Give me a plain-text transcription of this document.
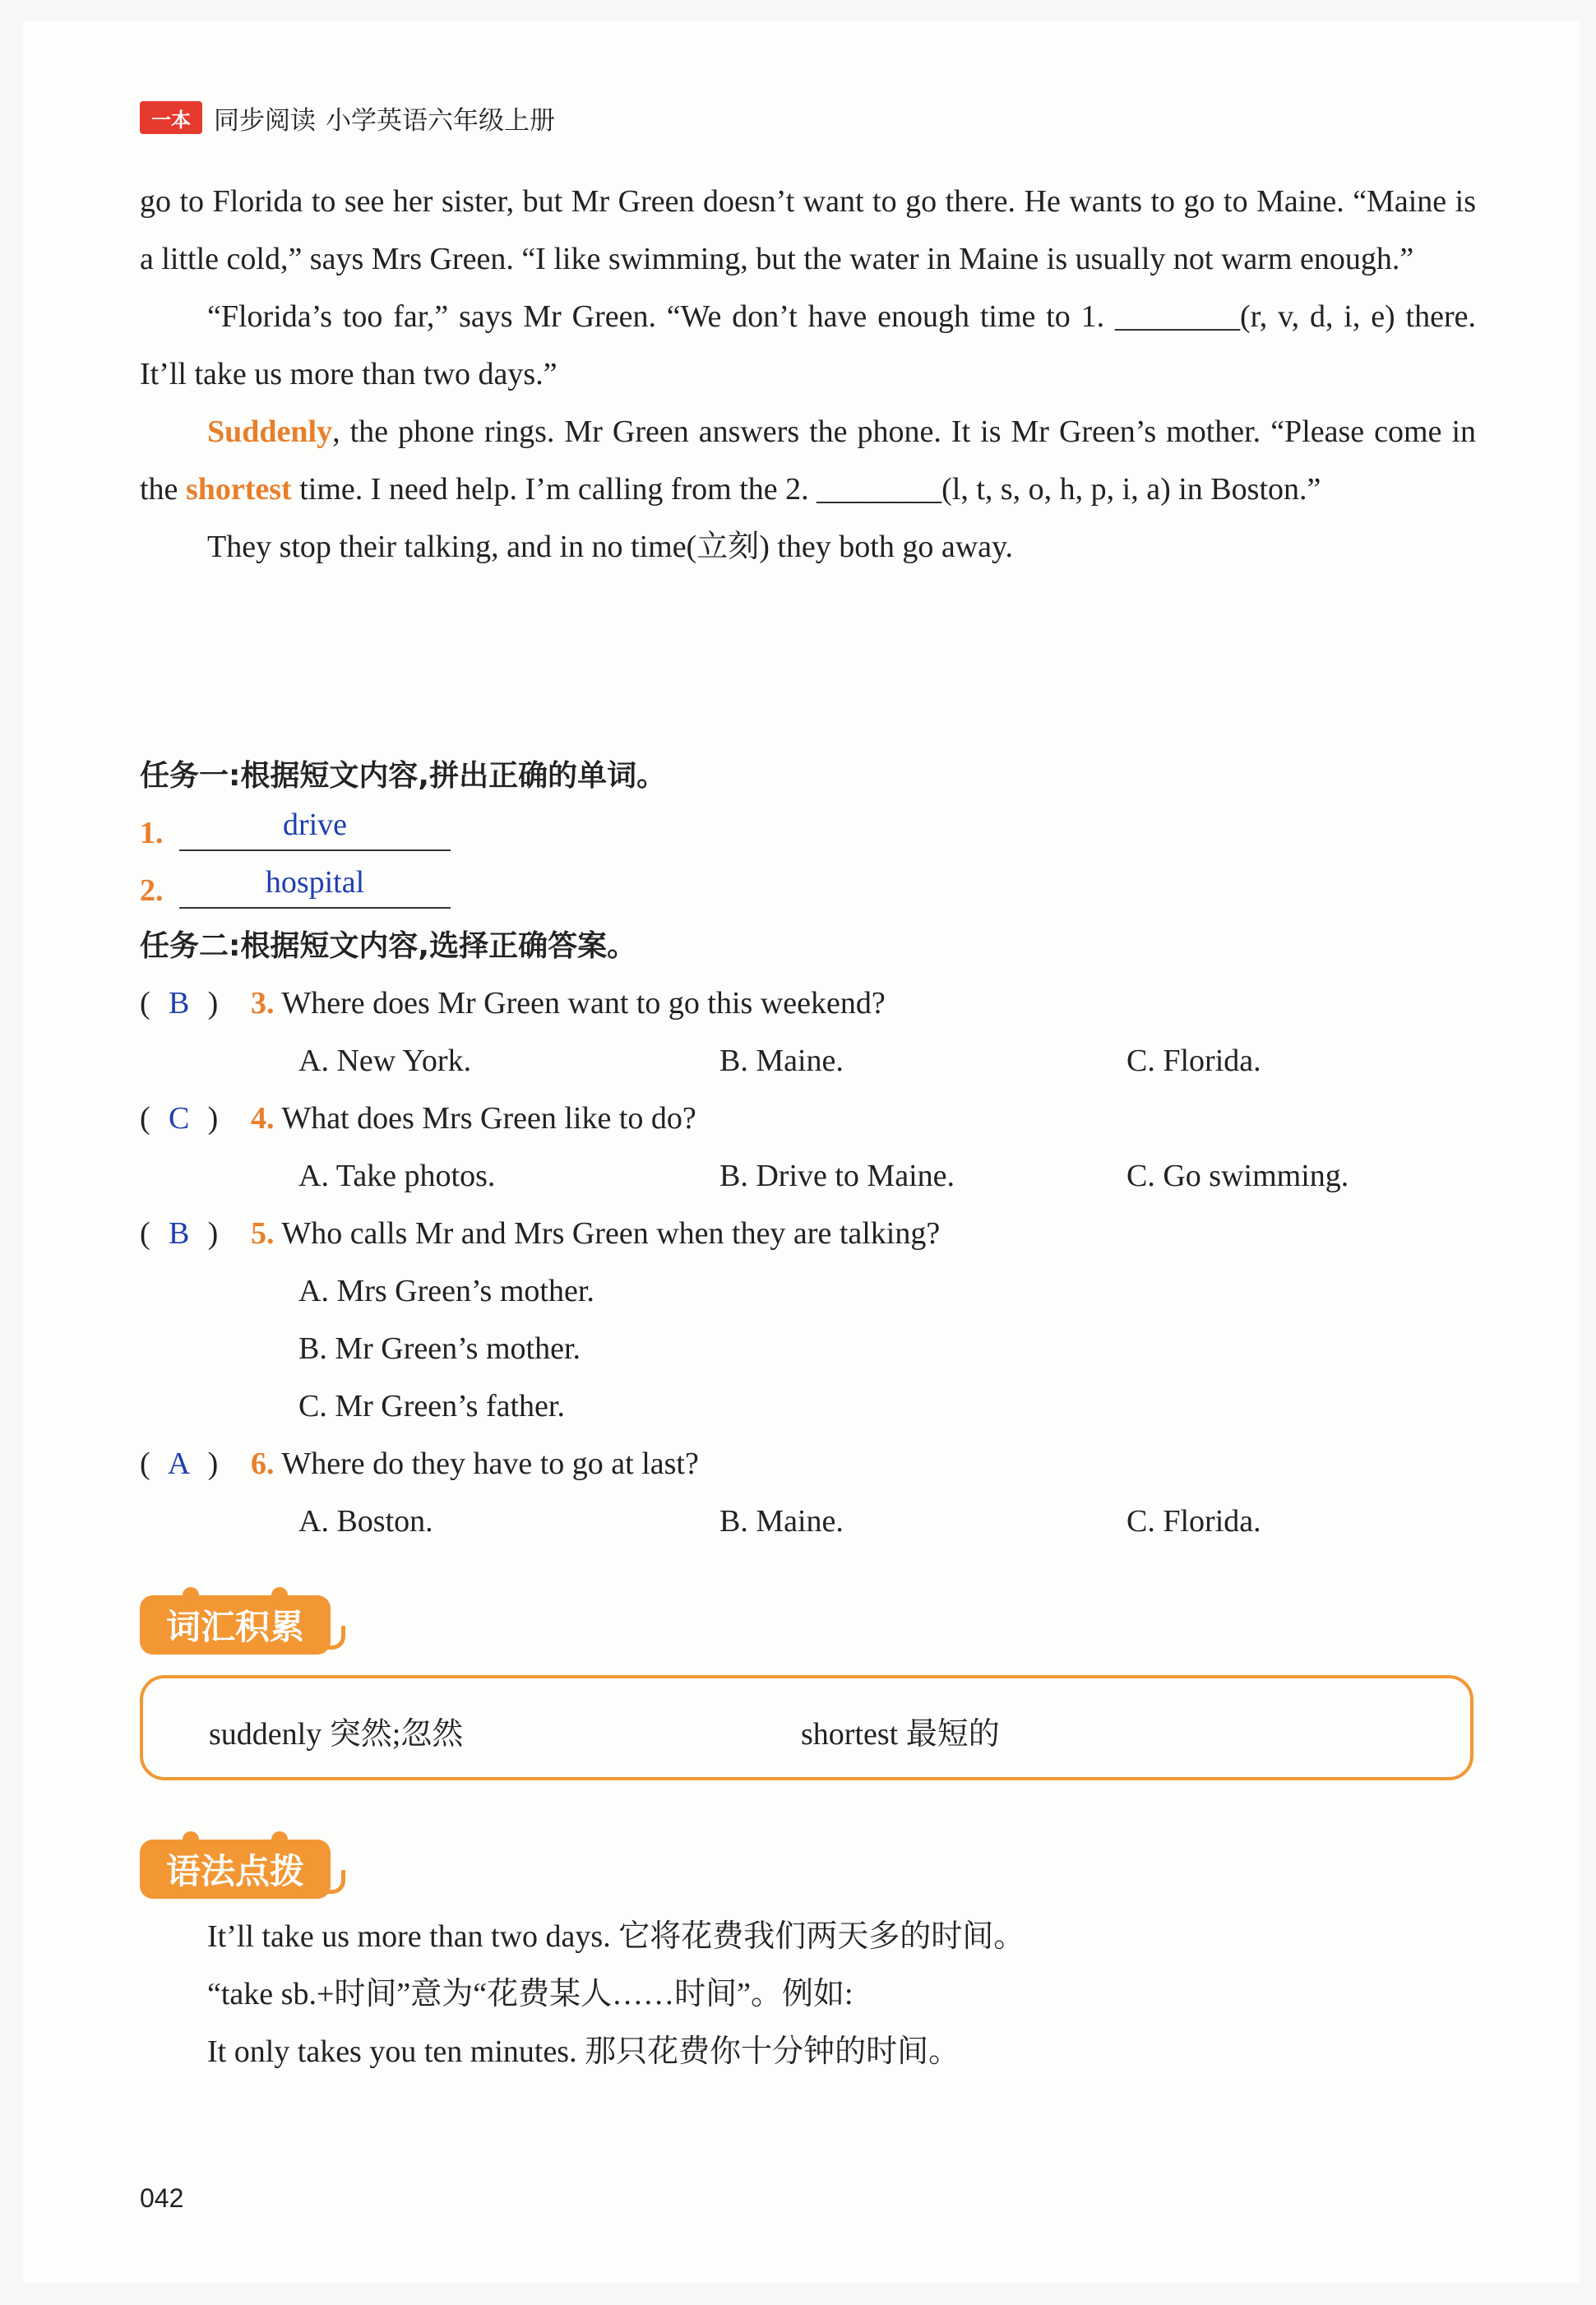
一本 同步阅读 小学英语六年级上册
go to Florida to see her sister, but Mr Green doesn’t want to go there. He wants to go to Maine. “Maine is a little cold,” says Mrs Green. “I like swimming, but the water in Maine is usually not warm enough.”
“Florida’s too far,” says Mr Green. “We don’t have enough time to 1. ________(r, v, d, i, e) there. It’ll take us more than two days.”
Suddenly, the phone rings. Mr Green answers the phone. It is Mr Green’s mother. “Please come in the shortest time. I need help. I’m calling from the 2. ________(l, t, s, o, h, p, i, a) in Boston.”
They stop their talking, and in no time(立刻) they both go away.
任务一:根据短文内容,拼出正确的单词。
1.	drive
2.	hospital
任务二:根据短文内容,选择正确答案。
( B ) 3. Where does Mr Green want to go this weekend?
A. New York.	B. Maine.	C. Florida.
( C ) 4. What does Mrs Green like to do?
A. Take photos.	B. Drive to Maine.	C. Go swimming.
( B ) 5. Who calls Mr and Mrs Green when they are talking?
A. Mrs Green’s mother.
B. Mr Green’s mother.
C. Mr Green’s father.
( A ) 6. Where do they have to go at last?
A. Boston.	B. Maine.	C. Florida.
词汇积累
suddenly 突然;忽然	shortest 最短的
语法点拨
It’ll take us more than two days. 它将花费我们两天多的时间。
“take sb.+时间”意为“花费某人……时间”。例如:
It only takes you ten minutes. 那只花费你十分钟的时间。
042
